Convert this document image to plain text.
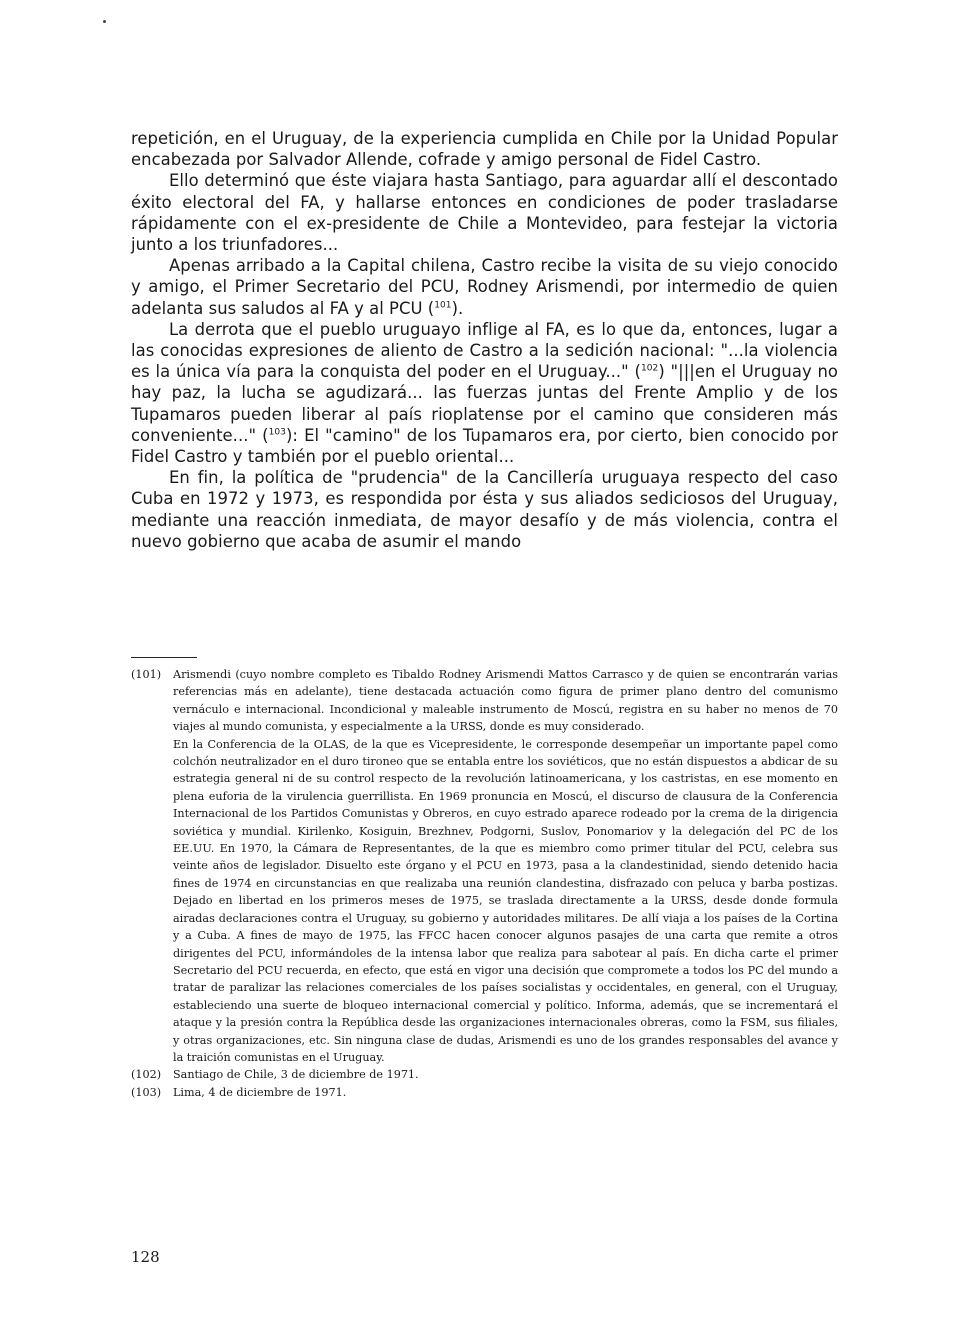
repetición, en el Uruguay, de la experiencia cumplida en Chile por la Unidad Popular encabezada por Salvador Allende, cofrade y amigo personal de Fidel Castro.

Ello determinó que éste viajara hasta Santiago, para aguardar allí el descontado éxito electoral del FA, y hallarse entonces en condiciones de poder trasladarse rápidamente con el ex-presidente de Chile a Montevideo, para festejar la victoria junto a los triunfadores...

Apenas arribado a la Capital chilena, Castro recibe la visita de su viejo conocido y amigo, el Primer Secretario del PCU, Rodney Arismendi, por intermedio de quien adelanta sus saludos al FA y al PCU ($^{101}$).

La derrota que el pueblo uruguayo inflige al FA, es lo que da, entonces, lugar a las conocidas expresiones de aliento de Castro a la sedición nacional: "...la violencia es la única vía para la conquista del poder en el Uruguay..." ($^{102}$) "|||en el Uruguay no hay paz, la lucha se agudizará... las fuerzas juntas del Frente Amplio y de los Tupamaros pueden liberar al país rioplatense por el camino que consideren más conveniente..." ($^{103}$): El "camino" de los Tupamaros era, por cierto, bien conocido por Fidel Castro y también por el pueblo oriental...

En fin, la política de "prudencia" de la Cancillería uruguaya respecto del caso Cuba en 1972 y 1973, es respondida por ésta y sus aliados sediciosos del Uruguay, mediante una reacción inmediata, de mayor desafío y de más violencia, contra el nuevo gobierno que acaba de asumir el mando

(101)	Arismendi (cuyo nombre completo es Tibaldo Rodney Arismendi Mattos Carrasco y de quien se encontrarán varias referencias más en adelante), tiene destacada actuación como figura de primer plano dentro del comunismo vernáculo e internacional. Incondicional y maleable instrumento de Moscú, registra en su haber no menos de 70 viajes al mundo comunista, y especialmente a la URSS, donde es muy considerado.

En la Conferencia de la OLAS, de la que es Vicepresidente, le corresponde desempeñar un importante papel como colchón neutralizador en el duro tironeo que se entabla entre los soviéticos, que no están dispuestos a abdicar de su estrategia general ni de su control respecto de la revolución latinoamericana, y los castristas, en ese momento en plena euforia de la virulencia guerrillista. En 1969 pronuncia en Moscú, el discurso de clausura de la Conferencia Internacional de los Partidos Comunistas y Obreros, en cuyo estrado aparece rodeado por la crema de la dirigencia soviética y mundial. Kirilenko, Kosiguin, Brezhnev, Podgorni, Suslov, Ponomariov y la delegación del PC de los EE.UU. En 1970, la Cámara de Representantes, de la que es miembro como primer titular del PCU, celebra sus veinte años de legislador. Disuelto este órgano y el PCU en 1973, pasa a la clandestinidad, siendo detenido hacia fines de 1974 en circunstancias en que realizaba una reunión clandestina, disfrazado con peluca y barba postizas. Dejado en libertad en los primeros meses de 1975, se traslada directamente a la URSS, desde donde formula airadas declaraciones contra el Uruguay, su gobierno y autoridades militares. De allí viaja a los países de la Cortina y a Cuba. A fines de mayo de 1975, las FFCC hacen conocer algunos pasajes de una carta que remite a otros dirigentes del PCU, informándoles de la intensa labor que realiza para sabotear al país. En dicha carte el primer Secretario del PCU recuerda, en efecto, que está en vigor una decisión que compromete a todos los PC del mundo a tratar de paralizar las relaciones comerciales de los países socialistas y occidentales, en general, con el Uruguay, estableciendo una suerte de bloqueo internacional comercial y político. Informa, además, que se incrementará el ataque y la presión contra la República desde las organizaciones internacionales obreras, como la FSM, sus filiales, y otras organizaciones, etc. Sin ninguna clase de dudas, Arismendi es uno de los grandes responsables del avance y la traición comunistas en el Uruguay.

(102)	Santiago de Chile, 3 de diciembre de 1971.

(103)	Lima, 4 de diciembre de 1971.

128
